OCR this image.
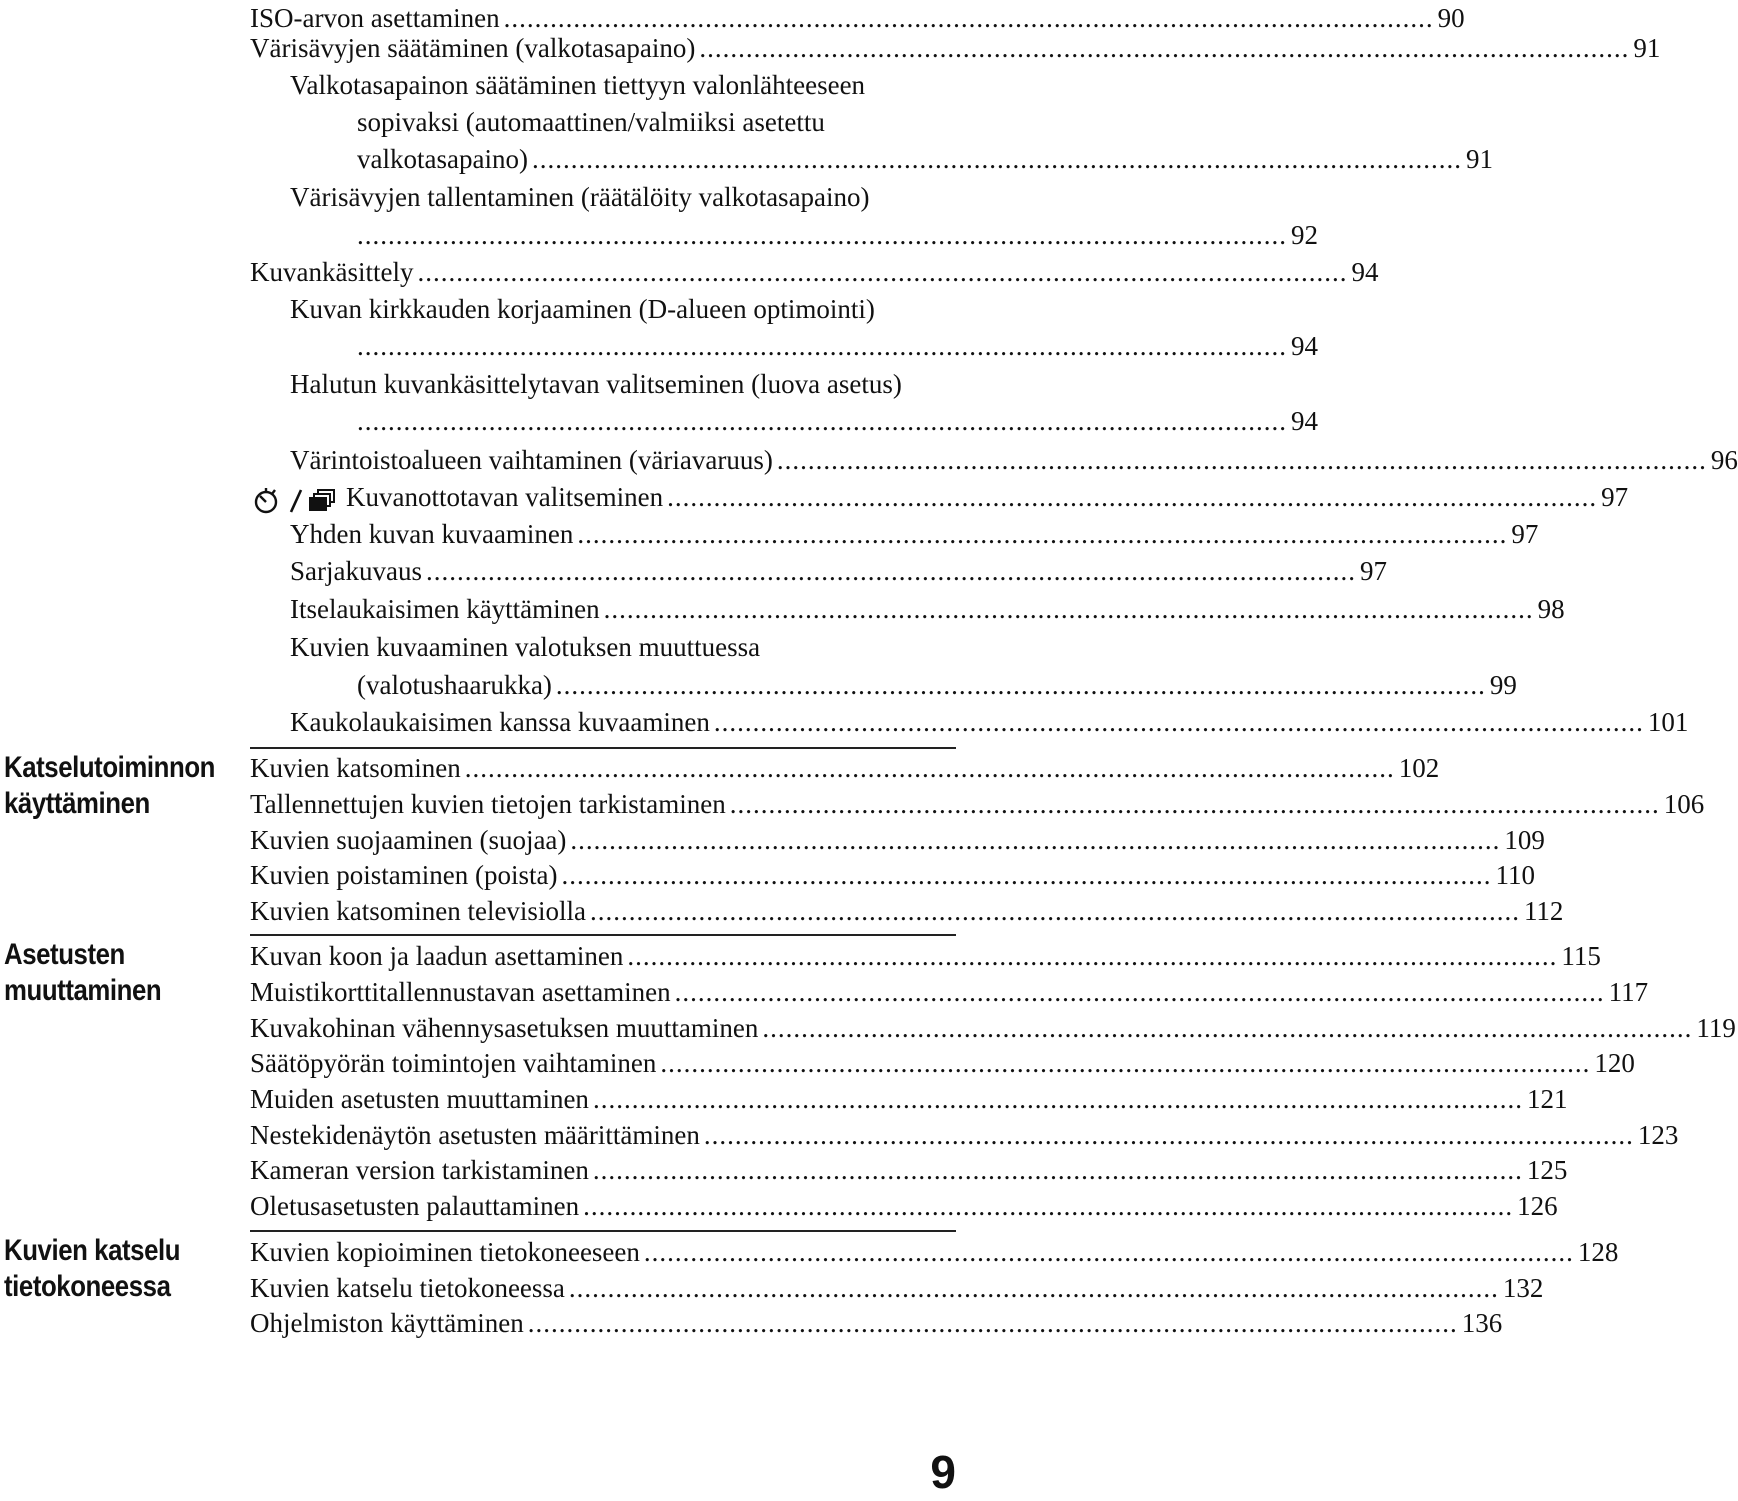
ISO-arvon asettaminen ........................................................................................................................ 90
Värisävyjen säätäminen (valkotasapaino) ........................................................................................................................ 91
Valkotasapainon säätäminen tiettyyn valonlähteeseen
sopivaksi (automaattinen/valmiiksi asetettu
valkotasapaino) ........................................................................................................................ 91
Värisävyjen tallentaminen (räätälöity valkotasapaino)
........................................................................................................................ 92
Kuvankäsittely ........................................................................................................................ 94
Kuvan kirkkauden korjaaminen (D-alueen optimointi)
........................................................................................................................ 94
Halutun kuvankäsittelytavan valitseminen (luova asetus)
........................................................................................................................ 94
Värintoistoalueen vaihtaminen (väriavaruus) ........................................................................................................................ 96
Kuvanottotavan valitseminen ........................................................................................................................ 97
Yhden kuvan kuvaaminen ........................................................................................................................ 97
Sarjakuvaus ........................................................................................................................ 97
Itselaukaisimen käyttäminen ........................................................................................................................ 98
Kuvien kuvaaminen valotuksen muuttuessa
(valotushaarukka) ........................................................................................................................ 99
Kaukolaukaisimen kanssa kuvaaminen ........................................................................................................................ 101
Katselutoiminnon
käyttäminen
Kuvien katsominen ........................................................................................................................ 102
Tallennettujen kuvien tietojen tarkistaminen ........................................................................................................................ 106
Kuvien suojaaminen (suojaa) ........................................................................................................................ 109
Kuvien poistaminen (poista) ........................................................................................................................ 110
Kuvien katsominen televisiolla ........................................................................................................................ 112
Asetusten
muuttaminen
Kuvan koon ja laadun asettaminen ........................................................................................................................ 115
Muistikorttitallennustavan asettaminen ........................................................................................................................ 117
Kuvakohinan vähennysasetuksen muuttaminen ........................................................................................................................ 119
Säätöpyörän toimintojen vaihtaminen ........................................................................................................................ 120
Muiden asetusten muuttaminen ........................................................................................................................ 121
Nestekidenäytön asetusten määrittäminen ........................................................................................................................ 123
Kameran version tarkistaminen ........................................................................................................................ 125
Oletusasetusten palauttaminen ........................................................................................................................ 126
Kuvien katselu
tietokoneessa
Kuvien kopioiminen tietokoneeseen ........................................................................................................................ 128
Kuvien katselu tietokoneessa ........................................................................................................................ 132
Ohjelmiston käyttäminen ........................................................................................................................ 136
9
